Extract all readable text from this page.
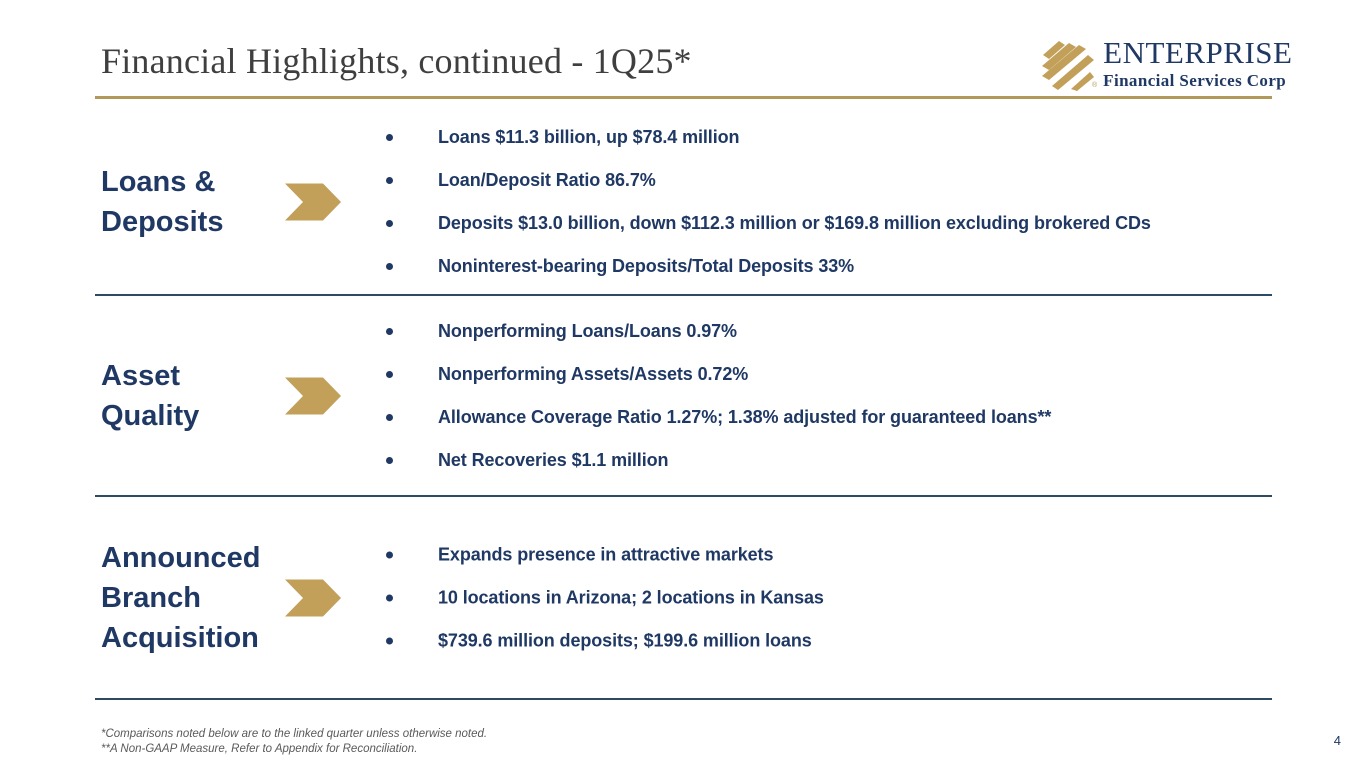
Financial Highlights, continued - 1Q25*
®
ENTERPRISE
Financial Services Corp
Loans &
Deposits
Loans $11.3 billion, up $78.4 million
Loan/Deposit Ratio 86.7%
Deposits $13.0 billion, down $112.3 million or $169.8 million excluding brokered CDs
Noninterest-bearing Deposits/Total Deposits 33%
Asset
Quality
Nonperforming Loans/Loans 0.97%
Nonperforming Assets/Assets 0.72%
Allowance Coverage Ratio 1.27%; 1.38% adjusted for guaranteed loans**
Net Recoveries $1.1 million
Announced
Branch
Acquisition
Expands presence in attractive markets
10 locations in Arizona; 2 locations in Kansas
$739.6 million deposits; $199.6 million loans
*Comparisons noted below are to the linked quarter unless otherwise noted.
**A Non-GAAP Measure, Refer to Appendix for Reconciliation.
4
